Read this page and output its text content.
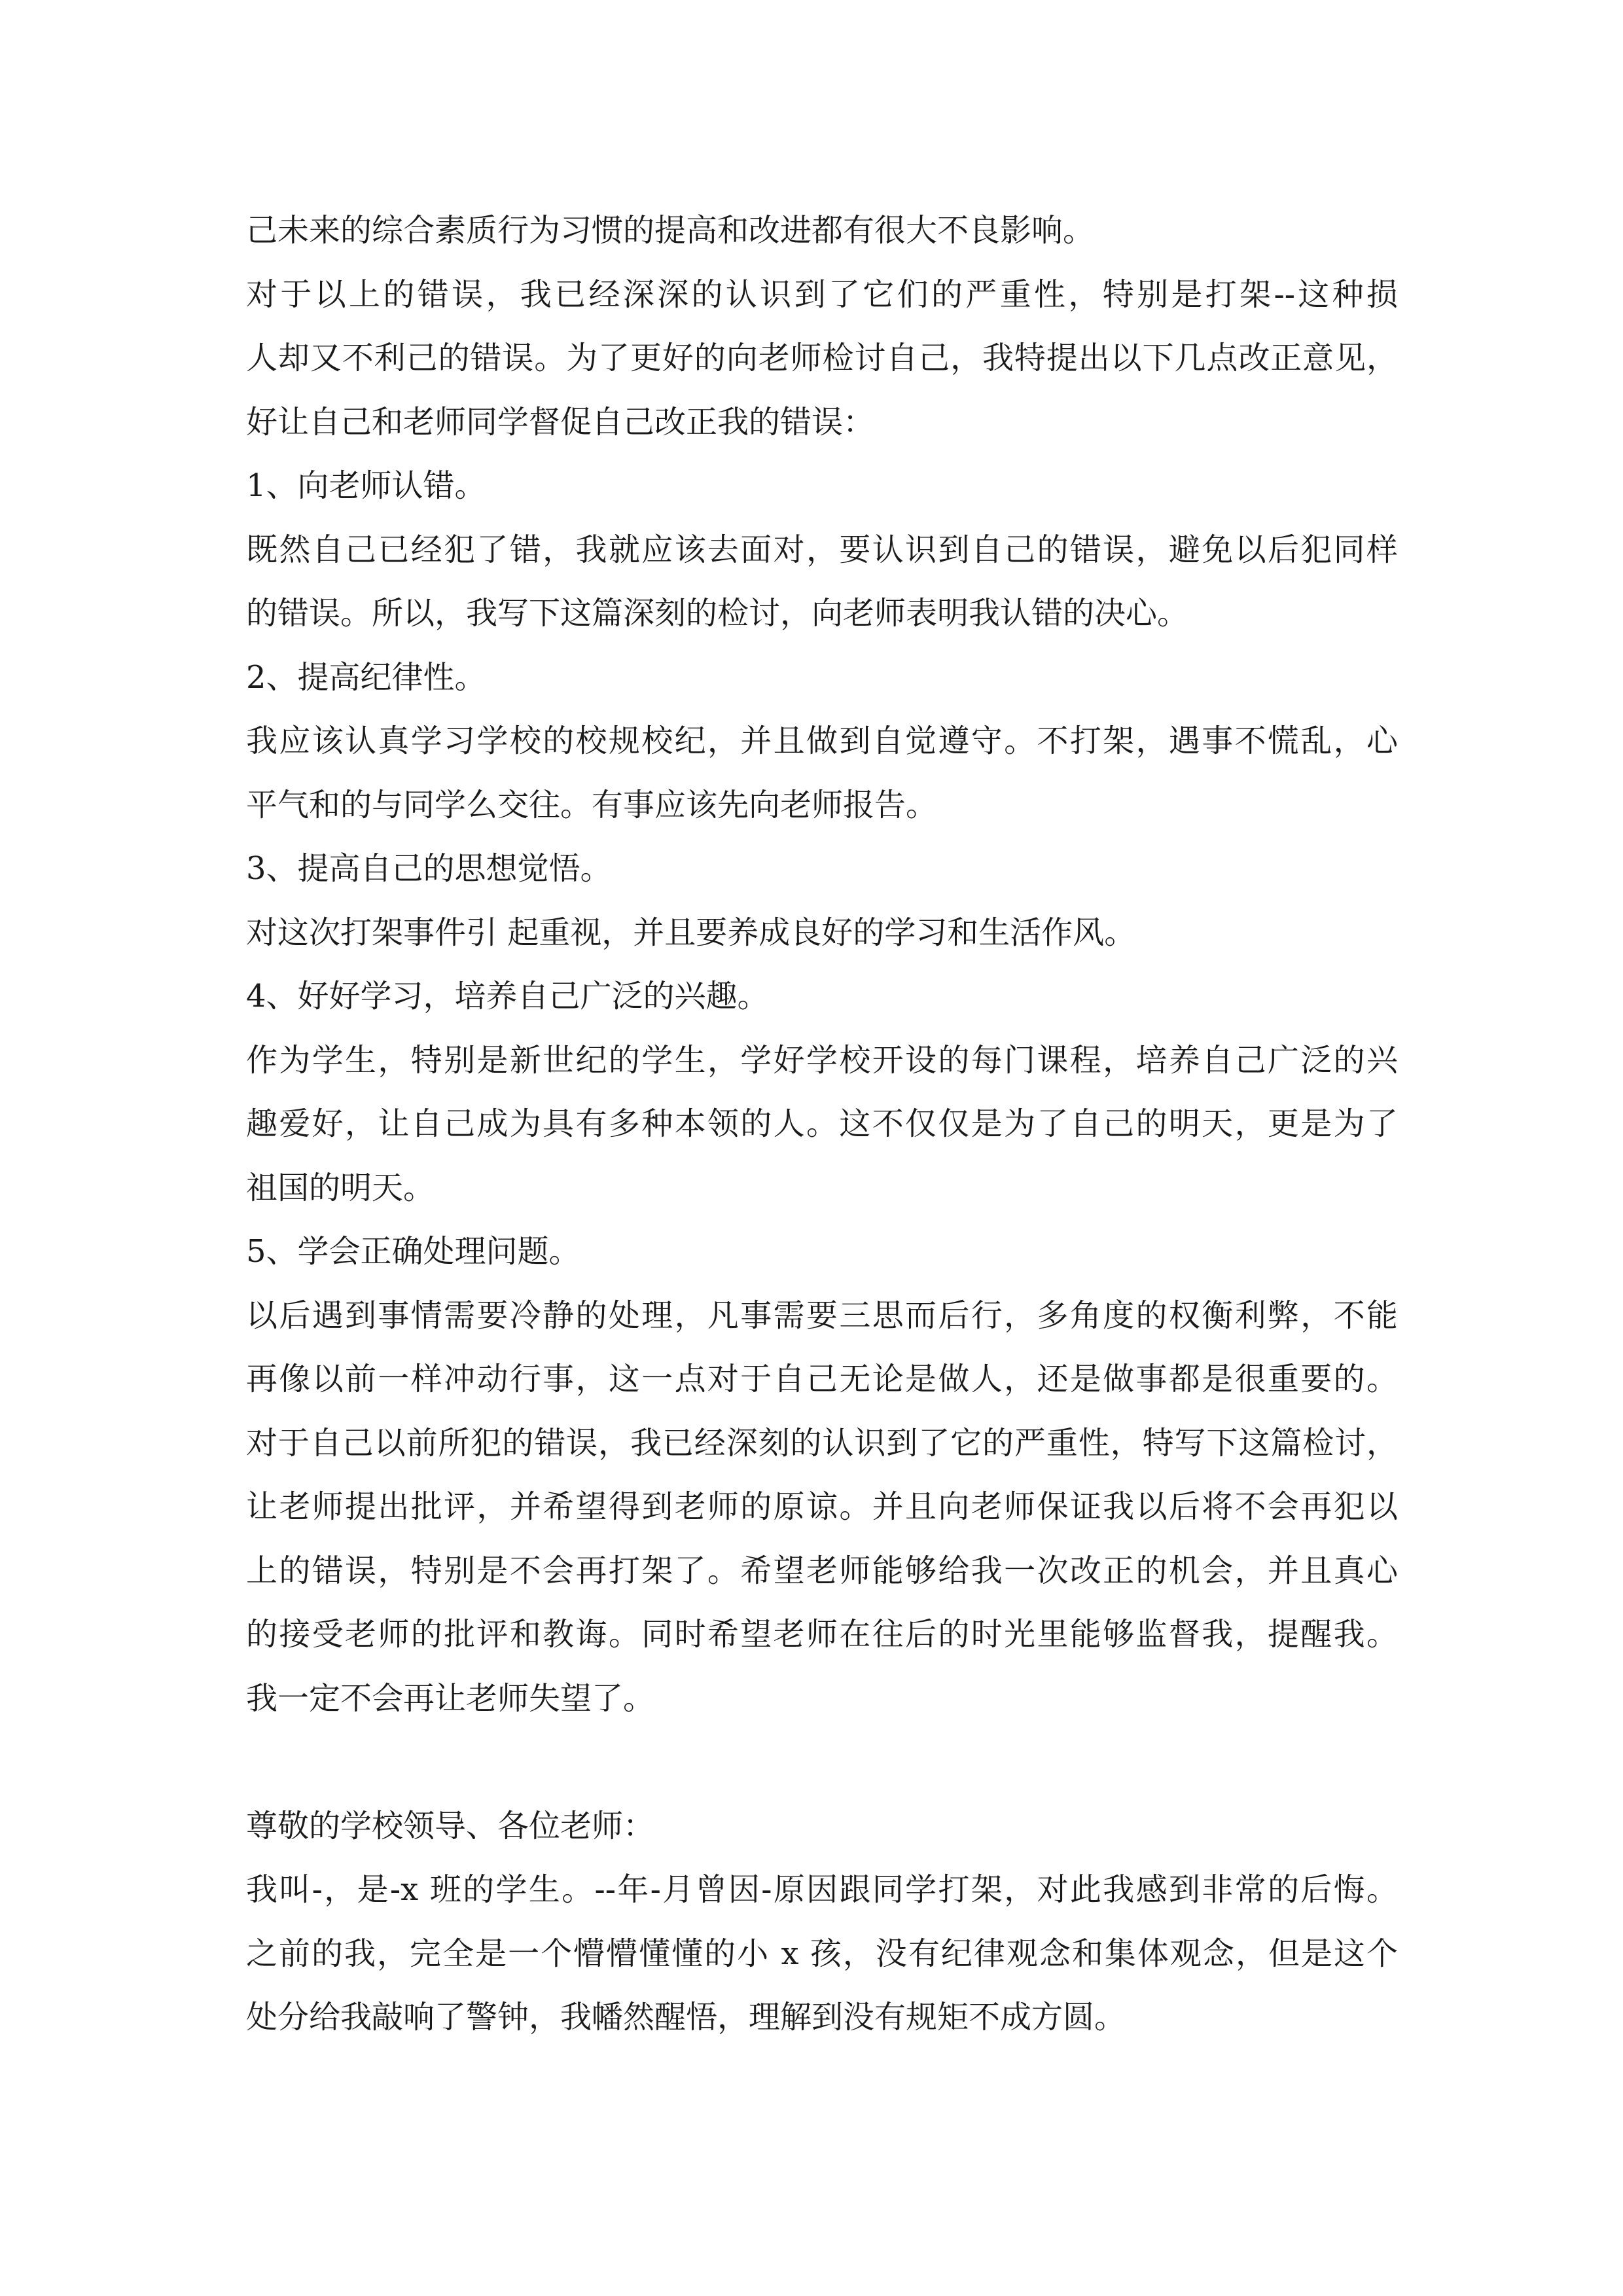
己未来的综合素质行为习惯的提高和改进都有很大不良影响。
对于以上的错误，我已经深深的认识到了它们的严重性，特别是打架--这种损
人却又不利己的错误。为了更好的向老师检讨自己，我特提出以下几点改正意见，
好让自己和老师同学督促自己改正我的错误：
1、向老师认错。
既然自己已经犯了错，我就应该去面对，要认识到自己的错误，避免以后犯同样
的错误。所以，我写下这篇深刻的检讨，向老师表明我认错的决心。
2、提高纪律性。
我应该认真学习学校的校规校纪，并且做到自觉遵守。不打架，遇事不慌乱，心
平气和的与同学么交往。有事应该先向老师报告。
3、提高自己的思想觉悟。
对这次打架事件引 起重视，并且要养成良好的学习和生活作风。
4、好好学习，培养自己广泛的兴趣。
作为学生，特别是新世纪的学生，学好学校开设的每门课程，培养自己广泛的兴
趣爱好，让自己成为具有多种本领的人。这不仅仅是为了自己的明天，更是为了
祖国的明天。
5、学会正确处理问题。
以后遇到事情需要冷静的处理，凡事需要三思而后行，多角度的权衡利弊，不能
再像以前一样冲动行事，这一点对于自己无论是做人，还是做事都是很重要的。
对于自己以前所犯的错误，我已经深刻的认识到了它的严重性，特写下这篇检讨，
让老师提出批评，并希望得到老师的原谅。并且向老师保证我以后将不会再犯以
上的错误，特别是不会再打架了。希望老师能够给我一次改正的机会，并且真心
的接受老师的批评和教诲。同时希望老师在往后的时光里能够监督我，提醒我。
我一定不会再让老师失望了。
尊敬的学校领导、各位老师：
我叫-，是-x 班的学生。--年-月曾因-原因跟同学打架，对此我感到非常的后悔。
之前的我，完全是一个懵懵懂懂的小 x 孩，没有纪律观念和集体观念，但是这个
处分给我敲响了警钟，我幡然醒悟，理解到没有规矩不成方圆。
